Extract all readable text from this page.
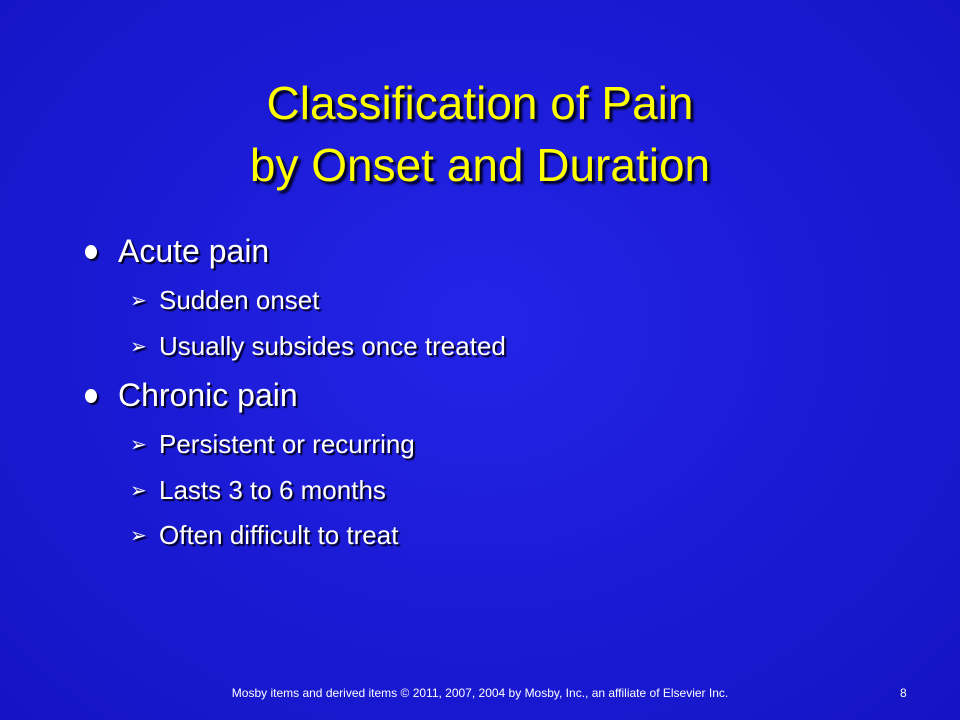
Classification of Pain
by Onset and Duration
Acute pain
➢ Sudden onset
➢ Usually subsides once treated
Chronic pain
➢ Persistent or recurring
➢ Lasts 3 to 6 months
➢ Often difficult to treat
Mosby items and derived items © 2011, 2007, 2004 by Mosby, Inc., an affiliate of Elsevier Inc.	8
